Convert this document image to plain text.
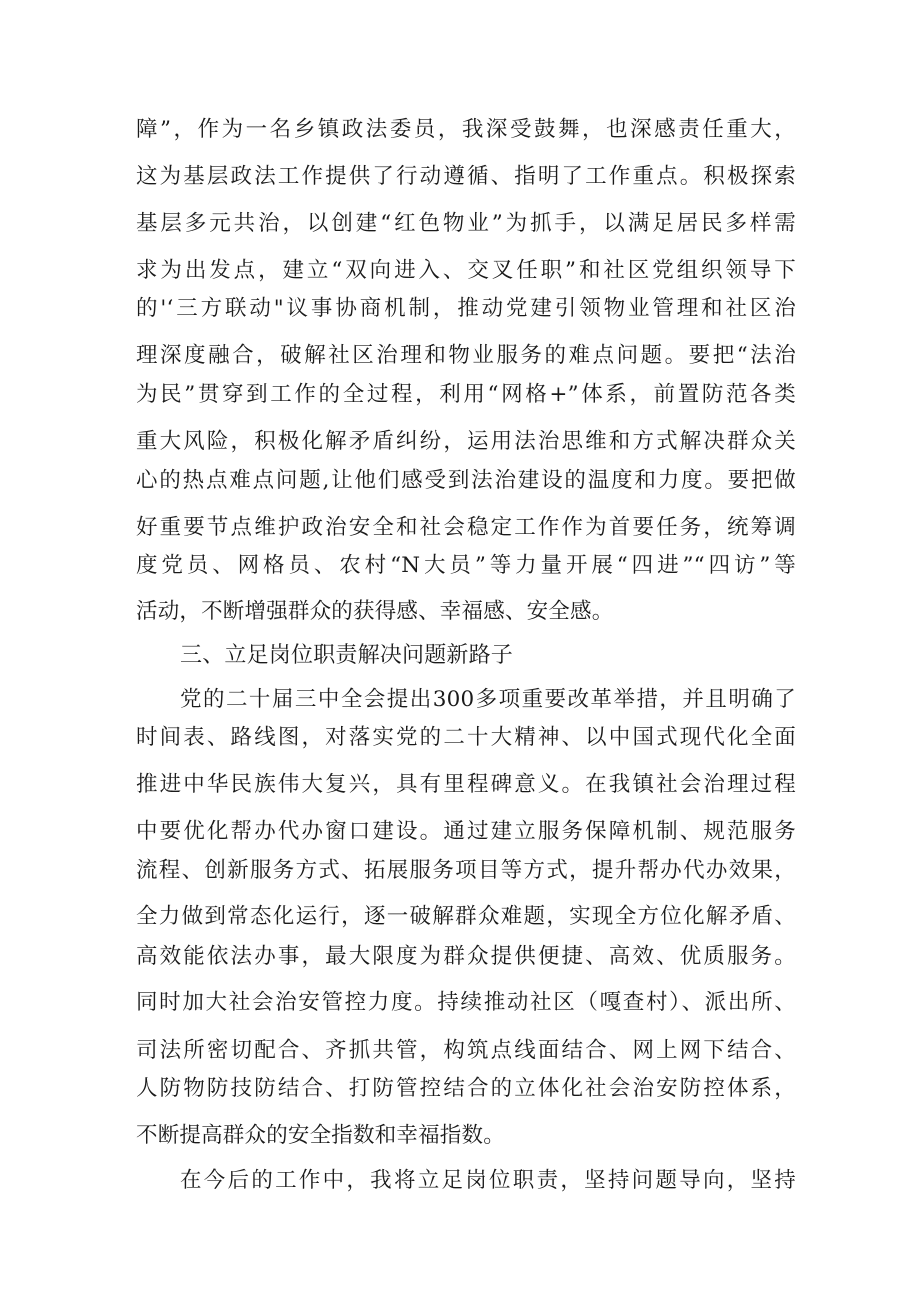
障”，作为一名乡镇政法委员，我深受鼓舞，也深感责任重大，
这为基层政法工作提供了行动遵循、指明了工作重点。积极探索
基层多元共治，以创建“红色物业”为抓手，以满足居民多样需
求为出发点，建立“双向进入、交叉任职”和社区党组织领导下
的'‘三方联动"议事协商机制，推动党建引领物业管理和社区治
理深度融合，破解社区治理和物业服务的难点问题。要把“法治
为民”贯穿到工作的全过程，利用“网格+”体系，前置防范各类
重大风险，积极化解矛盾纠纷，运用法治思维和方式解决群众关
心的热点难点问题,让他们感受到法治建设的温度和力度。要把做
好重要节点维护政治安全和社会稳定工作作为首要任务，统筹调
度党员、网格员、农村“N大员”等力量开展“四进”“四访”等
活动，不断增强群众的获得感、幸福感、安全感。
三、立足岗位职责解决问题新路子
党的二十届三中全会提出300多项重要改革举措，并且明确了
时间表、路线图，对落实党的二十大精神、以中国式现代化全面
推进中华民族伟大复兴，具有里程碑意义。在我镇社会治理过程
中要优化帮办代办窗口建设。通过建立服务保障机制、规范服务
流程、创新服务方式、拓展服务项目等方式，提升帮办代办效果，
全力做到常态化运行，逐一破解群众难题，实现全方位化解矛盾、
高效能依法办事，最大限度为群众提供便捷、高效、优质服务。
同时加大社会治安管控力度。持续推动社区（嘎查村）、派出所、
司法所密切配合、齐抓共管，构筑点线面结合、网上网下结合、
人防物防技防结合、打防管控结合的立体化社会治安防控体系，
不断提高群众的安全指数和幸福指数。
在今后的工作中，我将立足岗位职责，坚持问题导向，坚持
